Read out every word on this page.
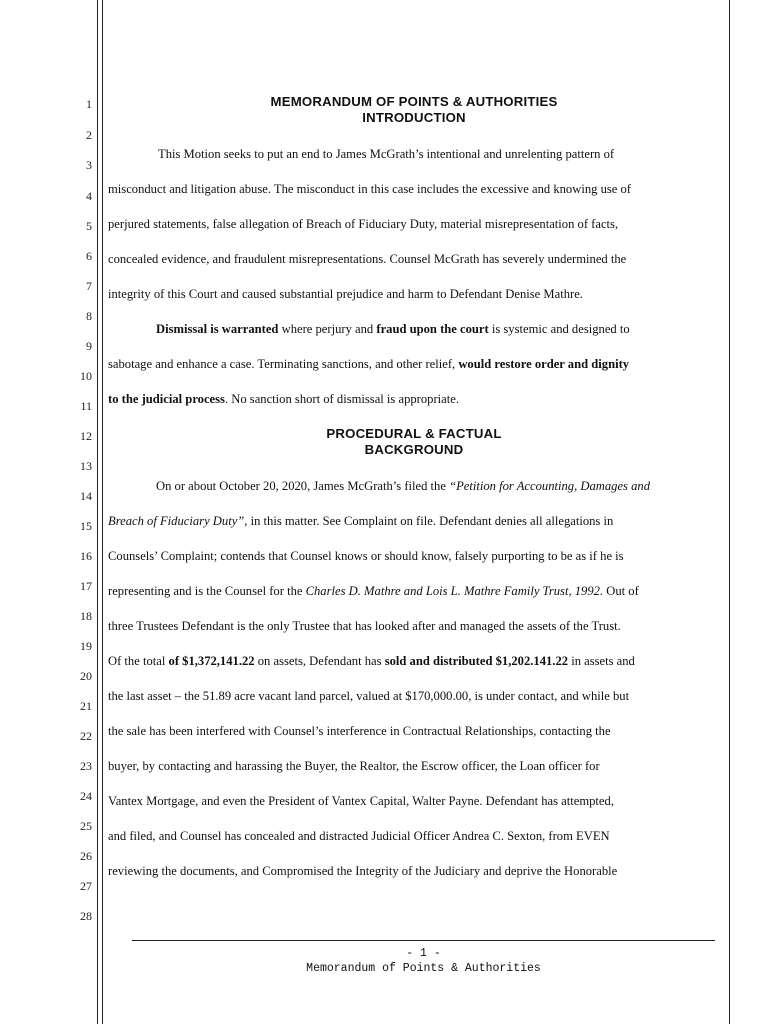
1
2
3
4
5
6
7
8
9
10
11
12
13
14
15
16
17
18
19
20
21
22
23
24
25
26
27
28
MEMORANDUM OF POINTS & AUTHORITIES
INTRODUCTION
This Motion seeks to put an end to James McGrath’s intentional and unrelenting pattern of
misconduct and litigation abuse. The misconduct in this case includes the excessive and knowing use of
perjured statements, false allegation of Breach of Fiduciary Duty, material misrepresentation of facts,
concealed evidence, and fraudulent misrepresentations. Counsel McGrath has severely undermined the
integrity of this Court and caused substantial prejudice and harm to Defendant Denise Mathre.
Dismissal is warranted where perjury and fraud upon the court is systemic and designed to
sabotage and enhance a case. Terminating sanctions, and other relief, would restore order and dignity
to the judicial process. No sanction short of dismissal is appropriate.
PROCEDURAL & FACTUAL
BACKGROUND
On or about October 20, 2020, James McGrath’s filed the “Petition for Accounting, Damages and
Breach of Fiduciary Duty”, in this matter. See Complaint on file. Defendant denies all allegations in
Counsels’ Complaint; contends that Counsel knows or should know, falsely purporting to be as if he is
representing and is the Counsel for the Charles D. Mathre and Lois L. Mathre Family Trust, 1992. Out of
three Trustees Defendant is the only Trustee that has looked after and managed the assets of the Trust.
Of the total of $1,372,141.22 on assets, Defendant has sold and distributed $1,202.141.22 in assets and
the last asset – the 51.89 acre vacant land parcel, valued at $170,000.00, is under contact, and while but
the sale has been interfered with Counsel’s interference in Contractual Relationships, contacting the
buyer, by contacting and harassing the Buyer, the Realtor, the Escrow officer, the Loan officer for
Vantex Mortgage, and even the President of Vantex Capital, Walter Payne. Defendant has attempted,
and filed, and Counsel has concealed and distracted Judicial Officer Andrea C. Sexton, from EVEN
reviewing the documents, and Compromised the Integrity of the Judiciary and deprive the Honorable
- 1 -
Memorandum of Points & Authorities
